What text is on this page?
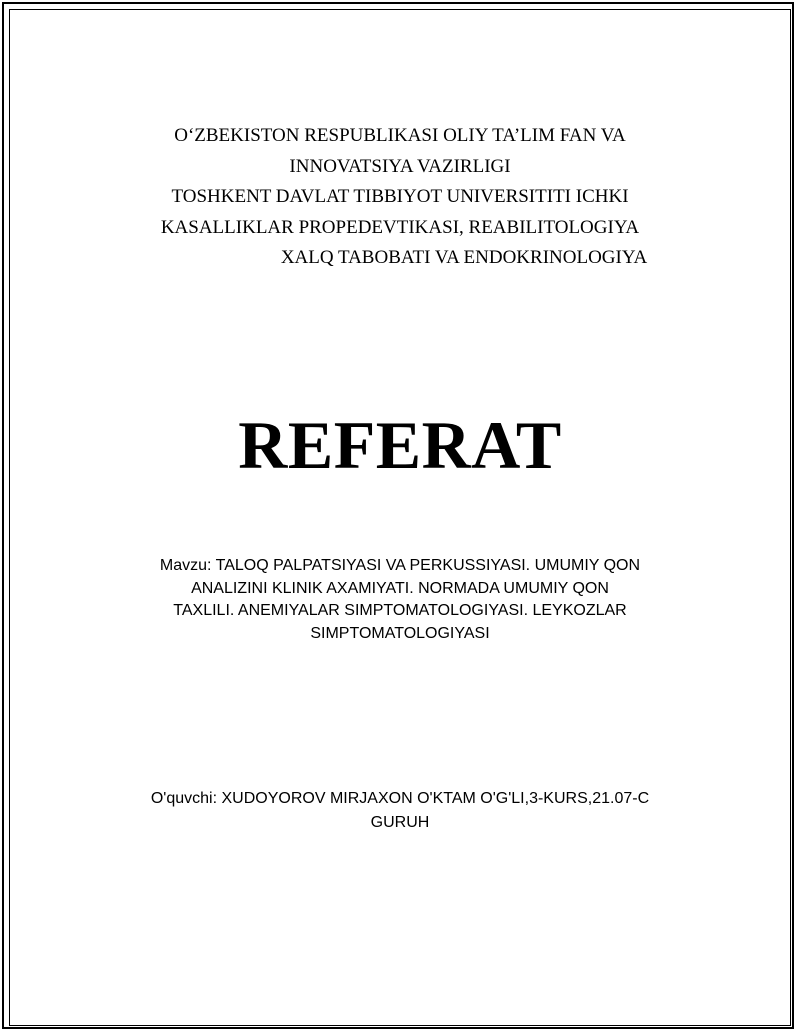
O‘ZBEKISTON RESPUBLIKASI OLIY TA’LIM FAN VA
INNOVATSIYA VAZIRLIGI
TOSHKENT DAVLAT TIBBIYOT UNIVERSITITI ICHKI
KASALLIKLAR PROPEDEVTIKASI, REABILITOLOGIYA
XALQ TABOBATI VA ENDOKRINOLOGIYA
REFERAT
Mavzu: TALOQ PALPATSIYASI VA PERKUSSIYASI. UMUMIY QON
ANALIZINI KLINIK AXAMIYATI. NORMADA UMUMIY QON
TAXLILI. ANEMIYALAR SIMPTOMATOLOGIYASI. LEYKOZLAR
SIMPTOMATOLOGIYASI
O'quvchi: XUDOYOROV MIRJAXON O'KTAM O'G'LI,3-KURS,21.07-C
GURUH
